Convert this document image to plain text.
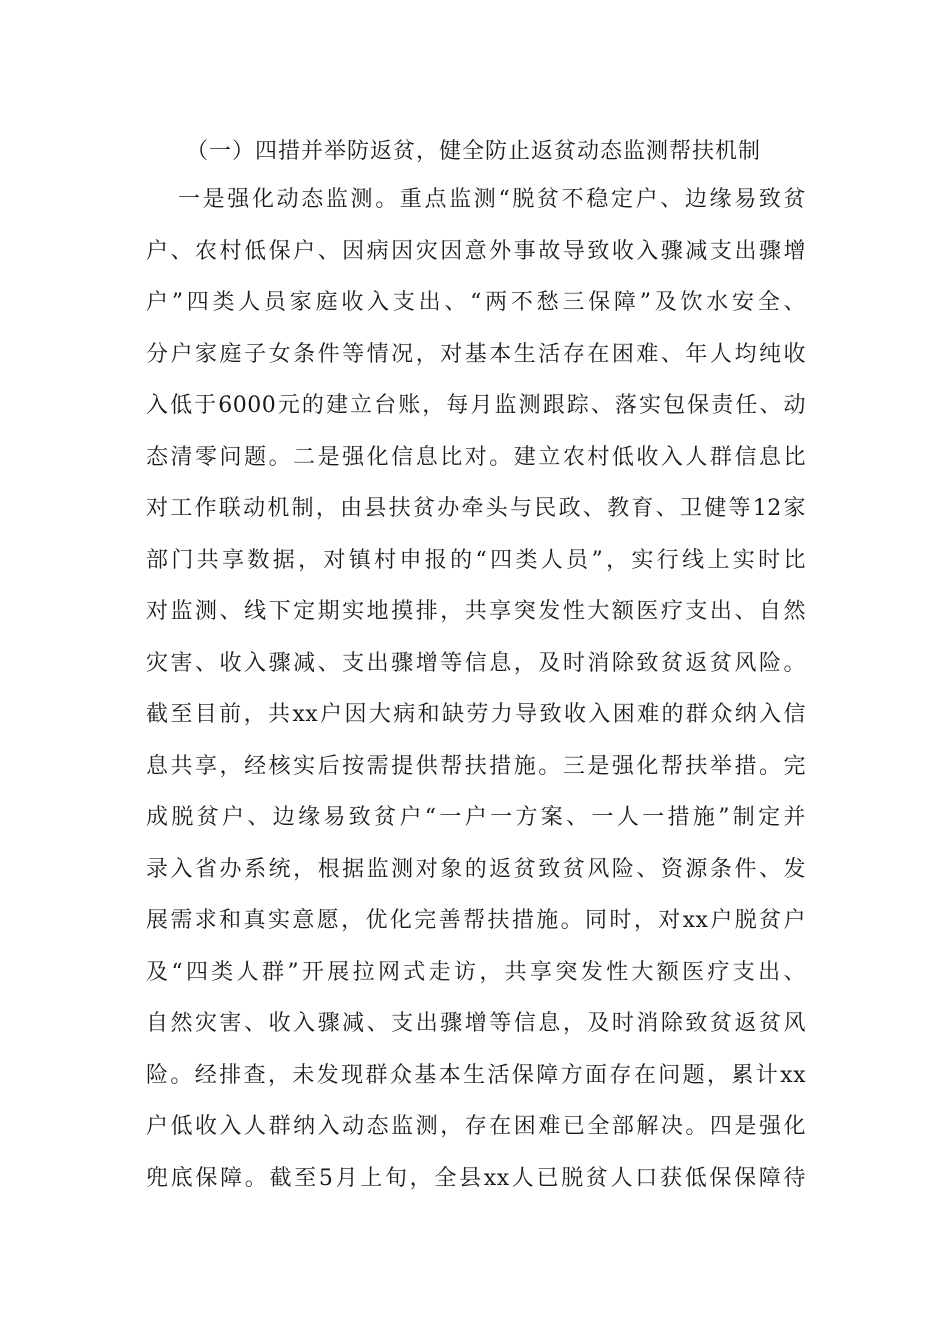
（一）四措并举防返贫，健全防止返贫动态监测帮扶机制
一是强化动态监测。重点监测“脱贫不稳定户、边缘易致贫
户、农村低保户、因病因灾因意外事故导致收入骤减支出骤增
户”四类人员家庭收入支出、“两不愁三保障”及饮水安全、
分户家庭子女条件等情况，对基本生活存在困难、年人均纯收
入低于6000元的建立台账，每月监测跟踪、落实包保责任、动
态清零问题。二是强化信息比对。建立农村低收入人群信息比
对工作联动机制，由县扶贫办牵头与民政、教育、卫健等12家
部门共享数据，对镇村申报的“四类人员”，实行线上实时比
对监测、线下定期实地摸排，共享突发性大额医疗支出、自然
灾害、收入骤减、支出骤增等信息，及时消除致贫返贫风险。
截至目前，共xx户因大病和缺劳力导致收入困难的群众纳入信
息共享，经核实后按需提供帮扶措施。三是强化帮扶举措。完
成脱贫户、边缘易致贫户“一户一方案、一人一措施”制定并
录入省办系统，根据监测对象的返贫致贫风险、资源条件、发
展需求和真实意愿，优化完善帮扶措施。同时，对xx户脱贫户
及“四类人群”开展拉网式走访，共享突发性大额医疗支出、
自然灾害、收入骤减、支出骤增等信息，及时消除致贫返贫风
险。经排查，未发现群众基本生活保障方面存在问题，累计xx
户低收入人群纳入动态监测，存在困难已全部解决。四是强化
兜底保障。截至5月上旬，全县xx人已脱贫人口获低保保障待
